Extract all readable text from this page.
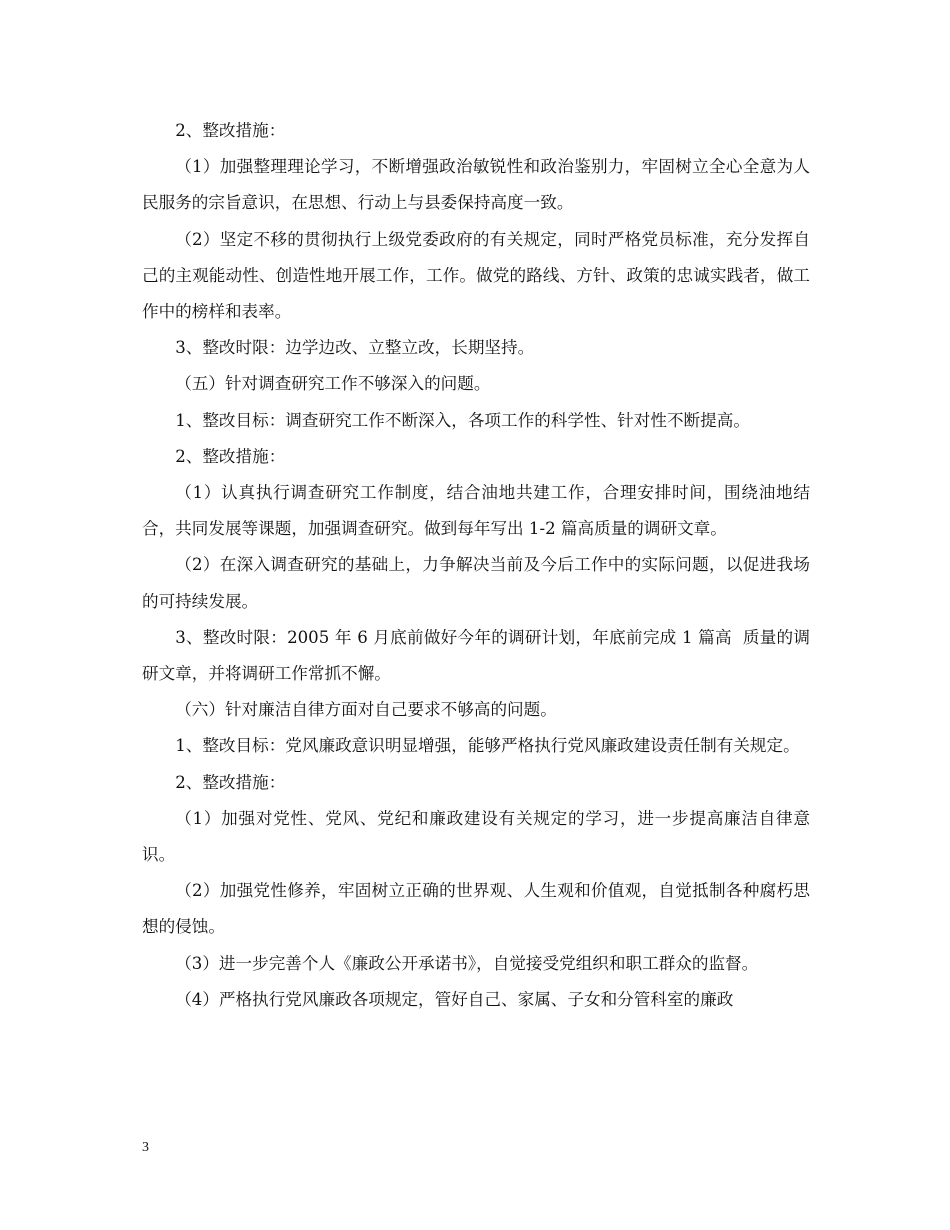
2、整改措施：

（1）加强整理理论学习，不断增强政治敏锐性和政治鉴别力，牢固树立全心全意为人民服务的宗旨意识，在思想、行动上与县委保持高度一致。

（2）坚定不移的贯彻执行上级党委政府的有关规定，同时严格党员标准，充分发挥自己的主观能动性、创造性地开展工作，工作。做党的路线、方针、政策的忠诚实践者，做工作中的榜样和表率。

3、整改时限：边学边改、立整立改，长期坚持。

（五）针对调查研究工作不够深入的问题。

1、整改目标：调查研究工作不断深入，各项工作的科学性、针对性不断提高。

2、整改措施：

（1）认真执行调查研究工作制度，结合油地共建工作，合理安排时间，围绕油地结合，共同发展等课题，加强调查研究。做到每年写出 1-2 篇高质量的调研文章。

（2）在深入调查研究的基础上，力争解决当前及今后工作中的实际问题，以促进我场的可持续发展。

3、整改时限：2005 年 6 月底前做好今年的调研计划，年底前完成 1 篇高  质量的调研文章，并将调研工作常抓不懈。

（六）针对廉洁自律方面对自己要求不够高的问题。

1、整改目标：党风廉政意识明显增强，能够严格执行党风廉政建设责任制有关规定。

2、整改措施：

（1）加强对党性、党风、党纪和廉政建设有关规定的学习，进一步提高廉洁自律意识。

（2）加强党性修养，牢固树立正确的世界观、人生观和价值观，自觉抵制各种腐朽思想的侵蚀。

（3）进一步完善个人《廉政公开承诺书》，自觉接受党组织和职工群众的监督。

（4）严格执行党风廉政各项规定，管好自己、家属、子女和分管科室的廉政

3
